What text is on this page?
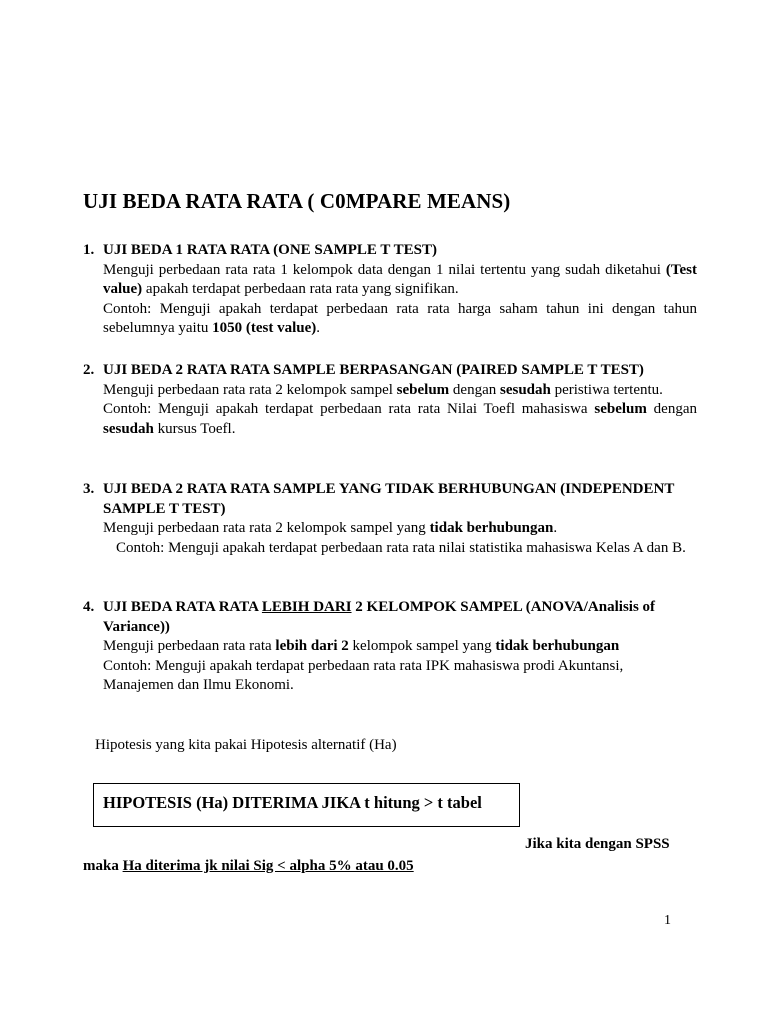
UJI BEDA RATA RATA ( C0MPARE MEANS)
1. UJI BEDA 1 RATA RATA (ONE SAMPLE T TEST)

Menguji perbedaan rata rata 1 kelompok data dengan 1 nilai tertentu yang sudah diketahui (Test value) apakah terdapat perbedaan rata rata yang signifikan.

Contoh: Menguji apakah terdapat perbedaan rata rata harga saham tahun ini dengan tahun sebelumnya yaitu 1050 (test value).

2. UJI BEDA 2 RATA RATA SAMPLE BERPASANGAN (PAIRED SAMPLE T TEST)

Menguji perbedaan rata rata 2 kelompok sampel sebelum dengan sesudah peristiwa tertentu.

Contoh: Menguji apakah terdapat perbedaan rata rata Nilai Toefl mahasiswa sebelum dengan sesudah kursus Toefl.

3. UJI BEDA 2 RATA RATA SAMPLE YANG TIDAK BERHUBUNGAN (INDEPENDENT SAMPLE T TEST)

Menguji perbedaan rata rata 2 kelompok sampel yang tidak berhubungan.

Contoh: Menguji apakah terdapat perbedaan rata rata nilai statistika mahasiswa Kelas A dan B.

4. UJI BEDA RATA RATA LEBIH DARI 2 KELOMPOK SAMPEL (ANOVA/Analisis of Variance))

Menguji perbedaan rata rata lebih dari 2 kelompok sampel yang tidak berhubungan

Contoh: Menguji apakah terdapat perbedaan rata rata IPK mahasiswa prodi Akuntansi, Manajemen dan Ilmu Ekonomi.

Hipotesis yang kita pakai Hipotesis alternatif (Ha)
HIPOTESIS (Ha) DITERIMA JIKA t hitung > t tabel
Jika kita dengan SPSS
maka Ha diterima jk nilai Sig < alpha 5% atau 0.05
1
